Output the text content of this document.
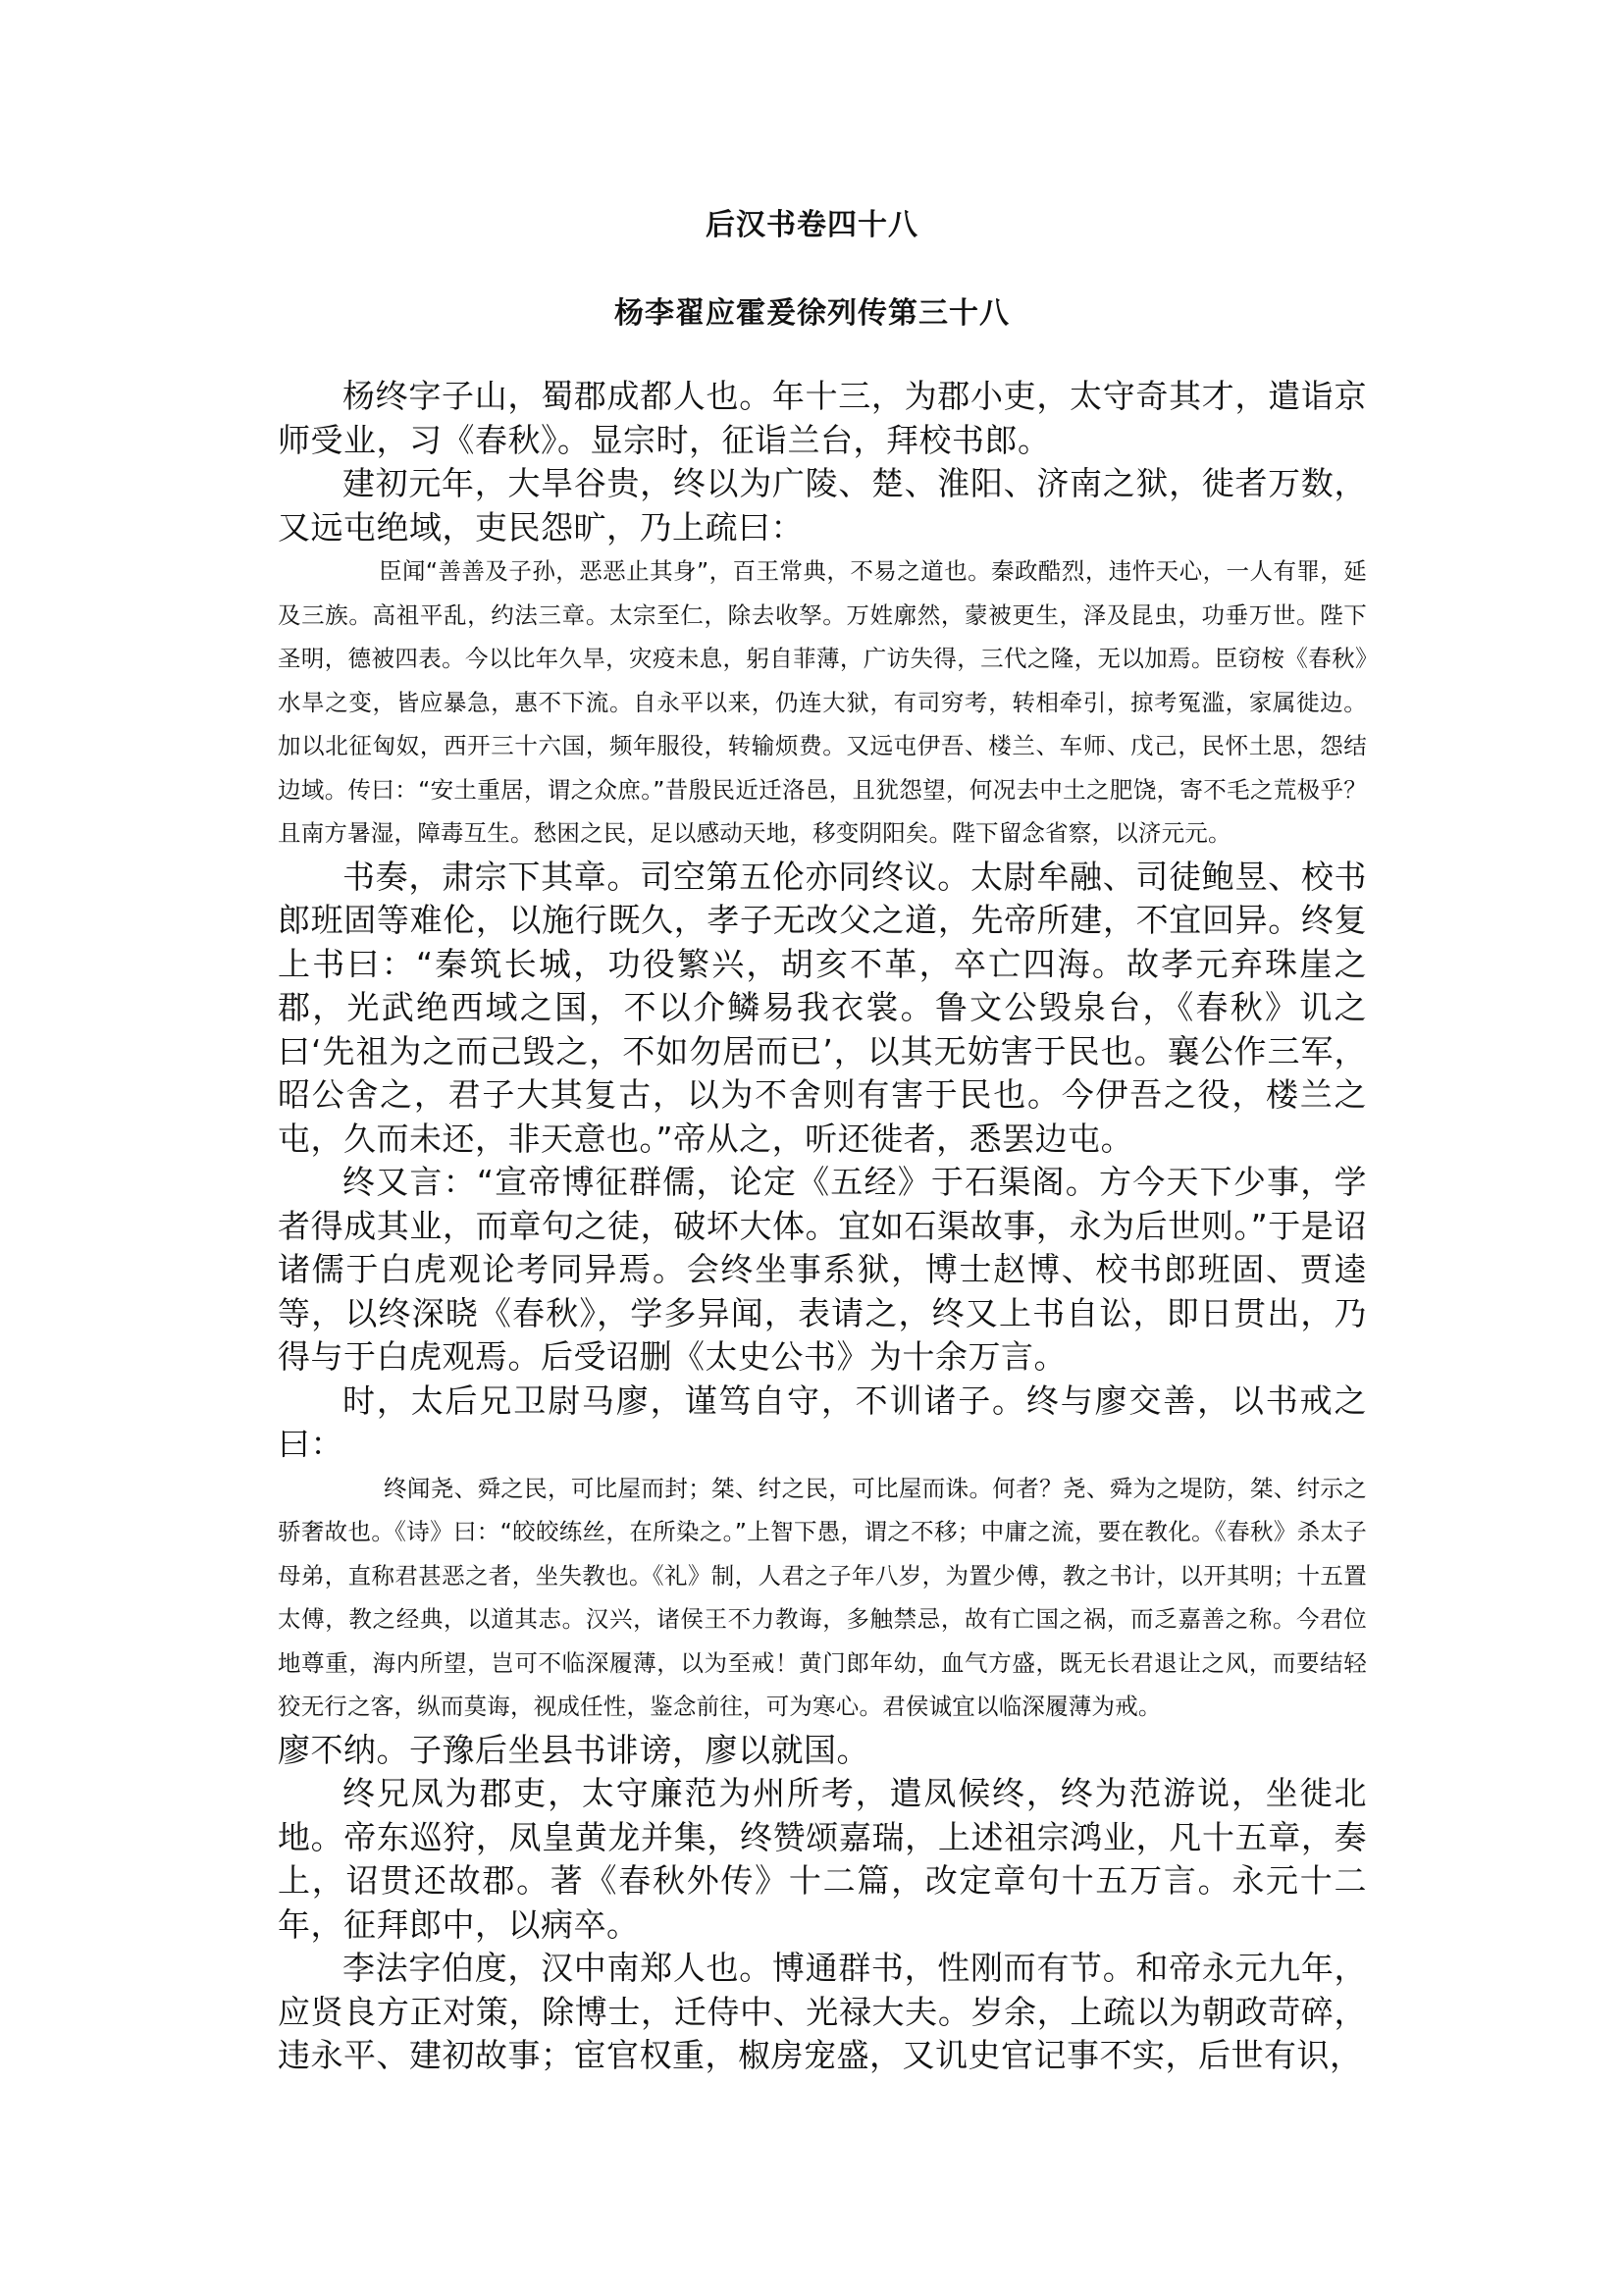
后汉书卷四十八
杨李翟应霍爰徐列传第三十八

杨终字子山，蜀郡成都人也。年十三，为郡小吏，太守奇其才，遣诣京师受业，习《春秋》。显宗时，征诣兰台，拜校书郎。

建初元年，大旱谷贵，终以为广陵、楚、淮阳、济南之狱，徙者万数，又远屯绝域，吏民怨旷，乃上疏曰：

臣闻“善善及子孙，恶恶止其身”，百王常典，不易之道也。秦政酷烈，违忤天心，一人有罪，延及三族。高祖平乱，约法三章。太宗至仁，除去收孥。万姓廓然，蒙被更生，泽及昆虫，功垂万世。陛下圣明，德被四表。今以比年久旱，灾疫未息，躬自菲薄，广访失得，三代之隆，无以加焉。臣窃桉《春秋》水旱之变，皆应暴急，惠不下流。自永平以来，仍连大狱，有司穷考，转相牵引，掠考冤滥，家属徙边。加以北征匈奴，西开三十六国，频年服役，转输烦费。又远屯伊吾、楼兰、车师、戊己，民怀土思，怨结边域。传曰：“安土重居，谓之众庶。”昔殷民近迁洛邑，且犹怨望，何况去中土之肥饶，寄不毛之荒极乎？且南方暑湿，障毒互生。愁困之民，足以感动天地，移变阴阳矣。陛下留念省察，以济元元。

书奏，肃宗下其章。司空第五伦亦同终议。太尉牟融、司徒鲍昱、校书郎班固等难伦，以施行既久，孝子无改父之道，先帝所建，不宜回异。终复上书曰：“秦筑长城，功役繁兴，胡亥不革，卒亡四海。故孝元弃珠崖之郡，光武绝西域之国，不以介鳞易我衣裳。鲁文公毁泉台，《春秋》讥之曰‘先祖为之而己毁之，不如勿居而已’，以其无妨害于民也。襄公作三军，昭公舍之，君子大其复古，以为不舍则有害于民也。今伊吾之役，楼兰之屯，久而未还，非天意也。”帝从之，听还徙者，悉罢边屯。

终又言：“宣帝博征群儒，论定《五经》于石渠阁。方今天下少事，学者得成其业，而章句之徒，破坏大体。宜如石渠故事，永为后世则。”于是诏诸儒于白虎观论考同异焉。会终坐事系狱，博士赵博、校书郎班固、贾逵等，以终深晓《春秋》，学多异闻，表请之，终又上书自讼，即日贯出，乃得与于白虎观焉。后受诏删《太史公书》为十余万言。

时，太后兄卫尉马廖，谨笃自守，不训诸子。终与廖交善，以书戒之曰：

终闻尧、舜之民，可比屋而封；桀、纣之民，可比屋而诛。何者？尧、舜为之堤防，桀、纣示之骄奢故也。《诗》曰：“皎皎练丝，在所染之。”上智下愚，谓之不移；中庸之流，要在教化。《春秋》杀太子母弟，直称君甚恶之者，坐失教也。《礼》制，人君之子年八岁，为置少傅，教之书计，以开其明；十五置太傅，教之经典，以道其志。汉兴，诸侯王不力教诲，多触禁忌，故有亡国之祸，而乏嘉善之称。今君位地尊重，海内所望，岂可不临深履薄，以为至戒！黄门郎年幼，血气方盛，既无长君退让之风，而要结轻狡无行之客，纵而莫诲，视成任性，鉴念前往，可为寒心。君侯诚宜以临深履薄为戒。

廖不纳。子豫后坐县书诽谤，廖以就国。

终兄凤为郡吏，太守廉范为州所考，遣凤候终，终为范游说，坐徙北地。帝东巡狩，凤皇黄龙并集，终赞颂嘉瑞，上述祖宗鸿业，凡十五章，奏上，诏贯还故郡。著《春秋外传》十二篇，改定章句十五万言。永元十二年，征拜郎中，以病卒。

李法字伯度，汉中南郑人也。博通群书，性刚而有节。和帝永元九年，应贤良方正对策，除博士，迁侍中、光禄大夫。岁余，上疏以为朝政苛碎，违永平、建初故事；宦官权重，椒房宠盛，又讥史官记事不实，后世有识，
